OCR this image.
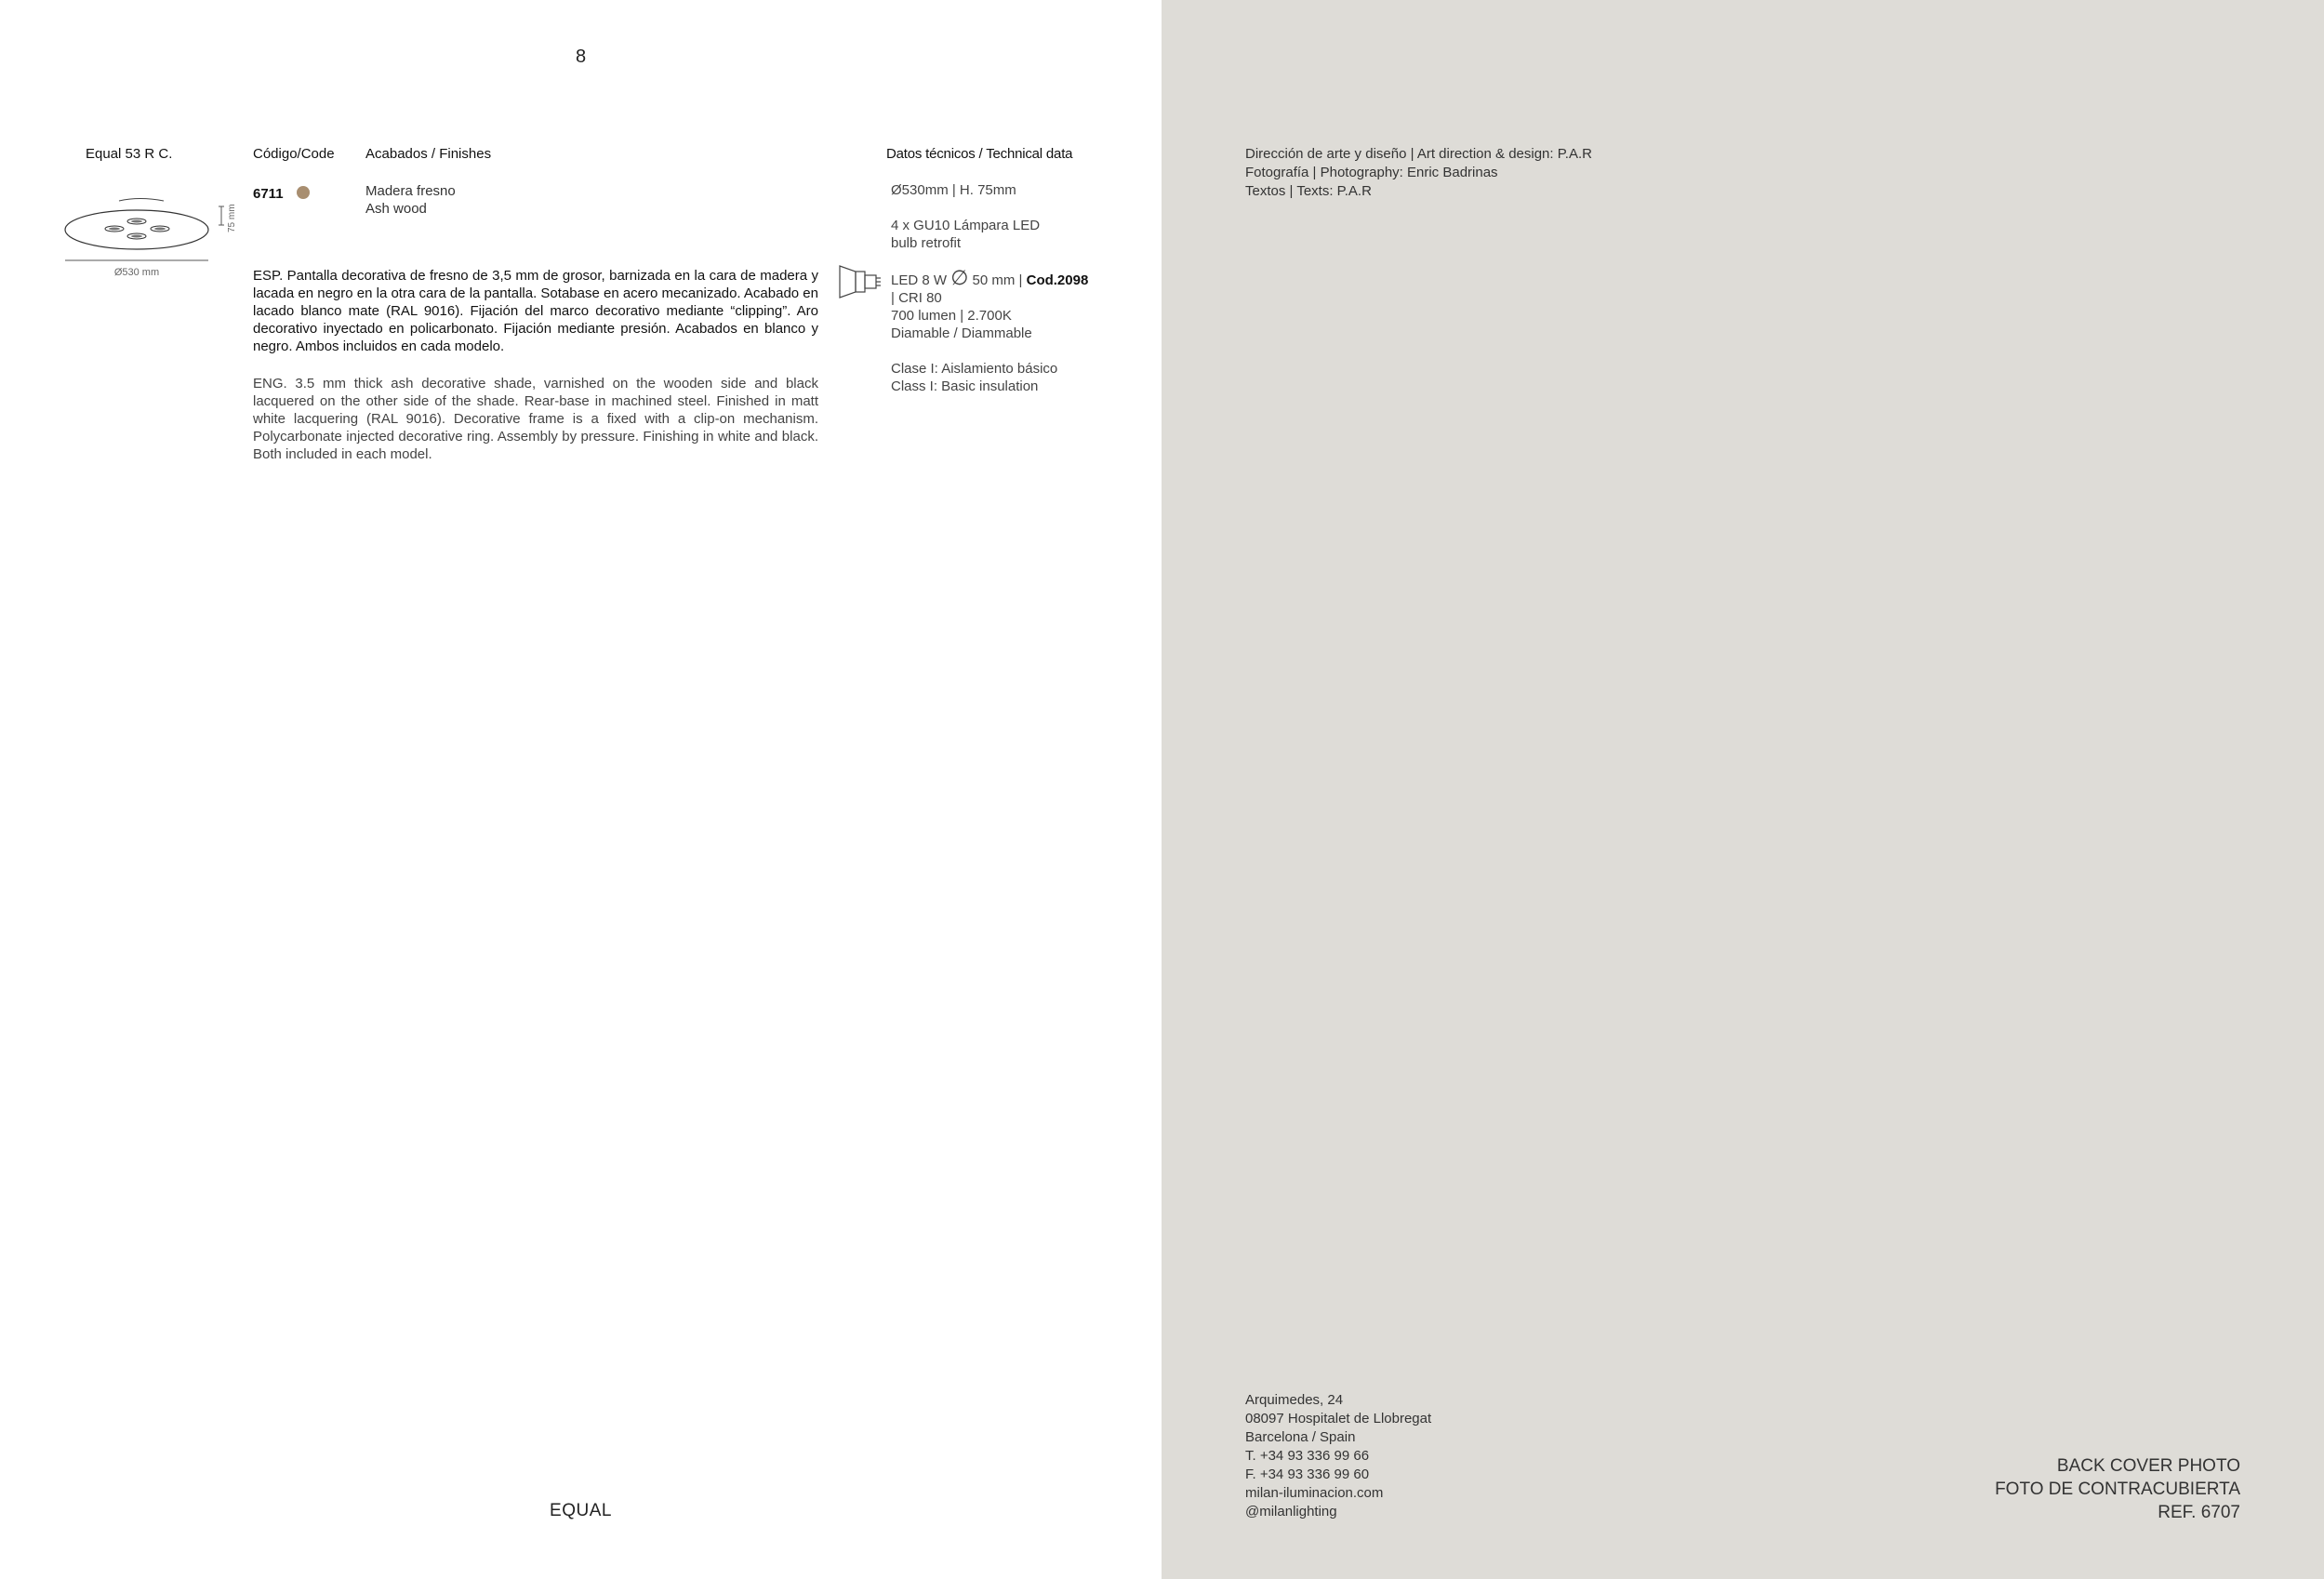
8
Equal 53 R C.	Código/Code Acabados / Finishes	Datos técnicos / Technical data
75 mm
Ø530 mm
6711	Madera fresno
Ash wood
ESP. Pantalla decorativa de fresno de 3,5 mm de grosor, barnizada en la cara de madera y lacada en negro en la otra cara de la pantalla. Sotabase en acero mecanizado. Acabado en lacado blanco mate (RAL 9016). Fijación del marco decorativo mediante “clipping”. Aro decorativo inyectado en policarbonato. Fijación mediante presión. Acabados en blanco y negro. Ambos incluidos en cada modelo.
ENG. 3.5 mm thick ash decorative shade, varnished on the wooden side and black lacquered on the other side of the shade. Rear-base in machined steel. Finished in matt white lacquering (RAL 9016). Decorative frame is a fixed with a clip-on mechanism. Polycarbonate injected decorative ring. Assembly by pressure. Finishing in white and black. Both included in each model.
Ø530mm | H. 75mm
4 x GU10 Lámpara LED
bulb retrofit
LED 8 W ∅ 50 mm | Cod.2098
| CRI 80
700 lumen | 2.700K
Diamable / Diammable
Clase I: Aislamiento básico
Class I: Basic insulation
EQUAL
Dirección de arte y diseño | Art direction & design: P.A.R
Fotografía | Photography: Enric Badrinas
Textos | Texts: P.A.R
Arquimedes, 24
08097 Hospitalet de Llobregat
Barcelona / Spain
T. +34 93 336 99 66
F. +34 93 336 99 60
milan-iluminacion.com
@milanlighting
BACK COVER PHOTO
FOTO DE CONTRACUBIERTA
REF. 6707
